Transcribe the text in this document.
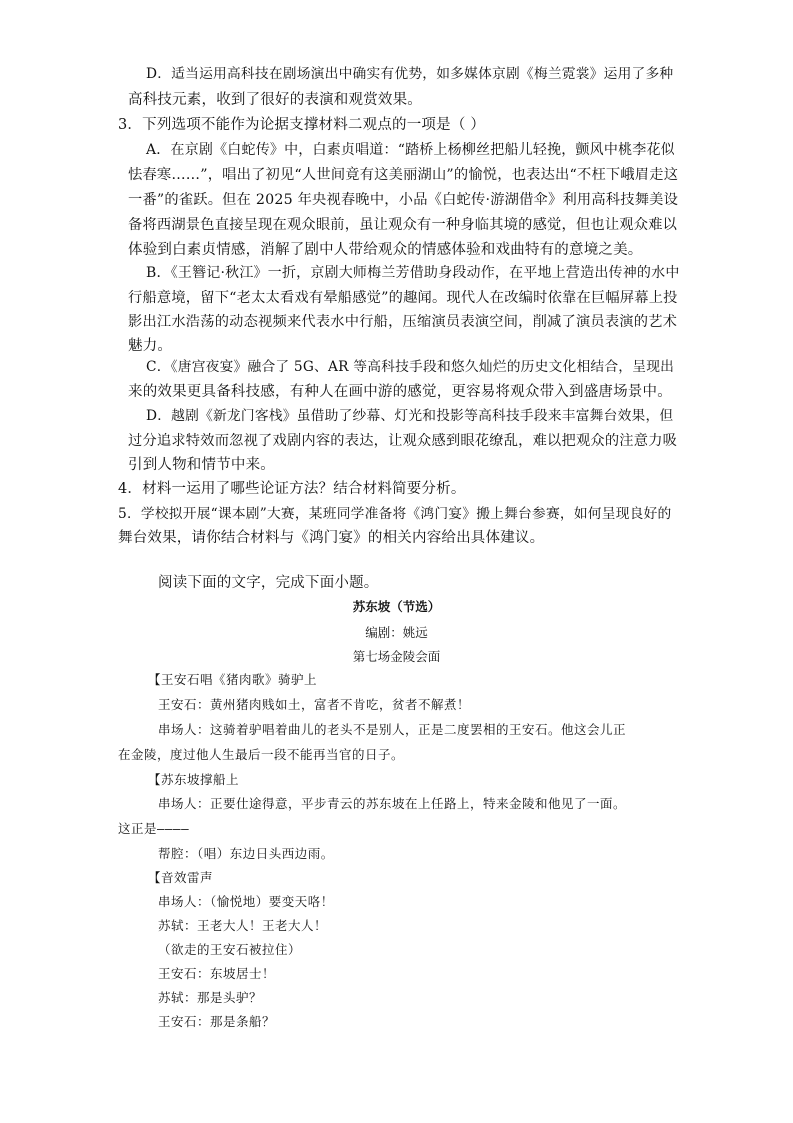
D．适当运用高科技在剧场演出中确实有优势，如多媒体京剧《梅兰霓裳》运用了多种
高科技元素，收到了很好的表演和观赏效果。
3．下列选项不能作为论据支撑材料二观点的一项是（ ）
A．在京剧《白蛇传》中，白素贞唱道：“踏桥上杨柳丝把船儿轻挽，颤风中桃李花似
怯春寒……”，唱出了初见“人世间竟有这美丽湖山”的愉悦，也表达出“不枉下峨眉走这
一番”的雀跃。但在 2025 年央视春晚中，小品《白蛇传·游湖借伞》利用高科技舞美设
备将西湖景色直接呈现在观众眼前，虽让观众有一种身临其境的感觉，但也让观众难以
体验到白素贞情感，消解了剧中人带给观众的情感体验和戏曲特有的意境之美。
B．《王簪记·秋江》一折，京剧大师梅兰芳借助身段动作，在平地上营造出传神的水中
行船意境，留下“老太太看戏有晕船感觉”的趣闻。现代人在改编时依靠在巨幅屏幕上投
影出江水浩荡的动态视频来代表水中行船，压缩演员表演空间，削减了演员表演的艺术
魅力。
C．《唐宫夜宴》融合了 5G、AR 等高科技手段和悠久灿烂的历史文化相结合，呈现出
来的效果更具备科技感，有种人在画中游的感觉，更容易将观众带入到盛唐场景中。
D．越剧《新龙门客栈》虽借助了纱幕、灯光和投影等高科技手段来丰富舞台效果，但
过分追求特效而忽视了戏剧内容的表达，让观众感到眼花缭乱，难以把观众的注意力吸
引到人物和情节中来。
4．材料一运用了哪些论证方法？结合材料简要分析。
5．学校拟开展“课本剧”大赛，某班同学准备将《鸿门宴》搬上舞台参赛，如何呈现良好的
舞台效果，请你结合材料与《鸿门宴》的相关内容给出具体建议。
阅读下面的文字，完成下面小题。
苏东坡（节选）
编剧：姚远
第七场金陵会面
【王安石唱《猪肉歌》骑驴上
王安石：黄州猪肉贱如土，富者不肯吃，贫者不解煮！
串场人：这骑着驴唱着曲儿的老头不是别人，正是二度罢相的王安石。他这会儿正
在金陵，度过他人生最后一段不能再当官的日子。
【苏东坡撑船上
串场人：正要仕途得意，平步青云的苏东坡在上任路上，特来金陵和他见了一面。
这正是————
帮腔：（唱）东边日头西边雨。
【音效雷声
串场人：（愉悦地）要变天咯！
苏轼：王老大人！王老大人！
（欲走的王安石被拉住）
王安石：东坡居士！
苏轼：那是头驴？
王安石：那是条船？
